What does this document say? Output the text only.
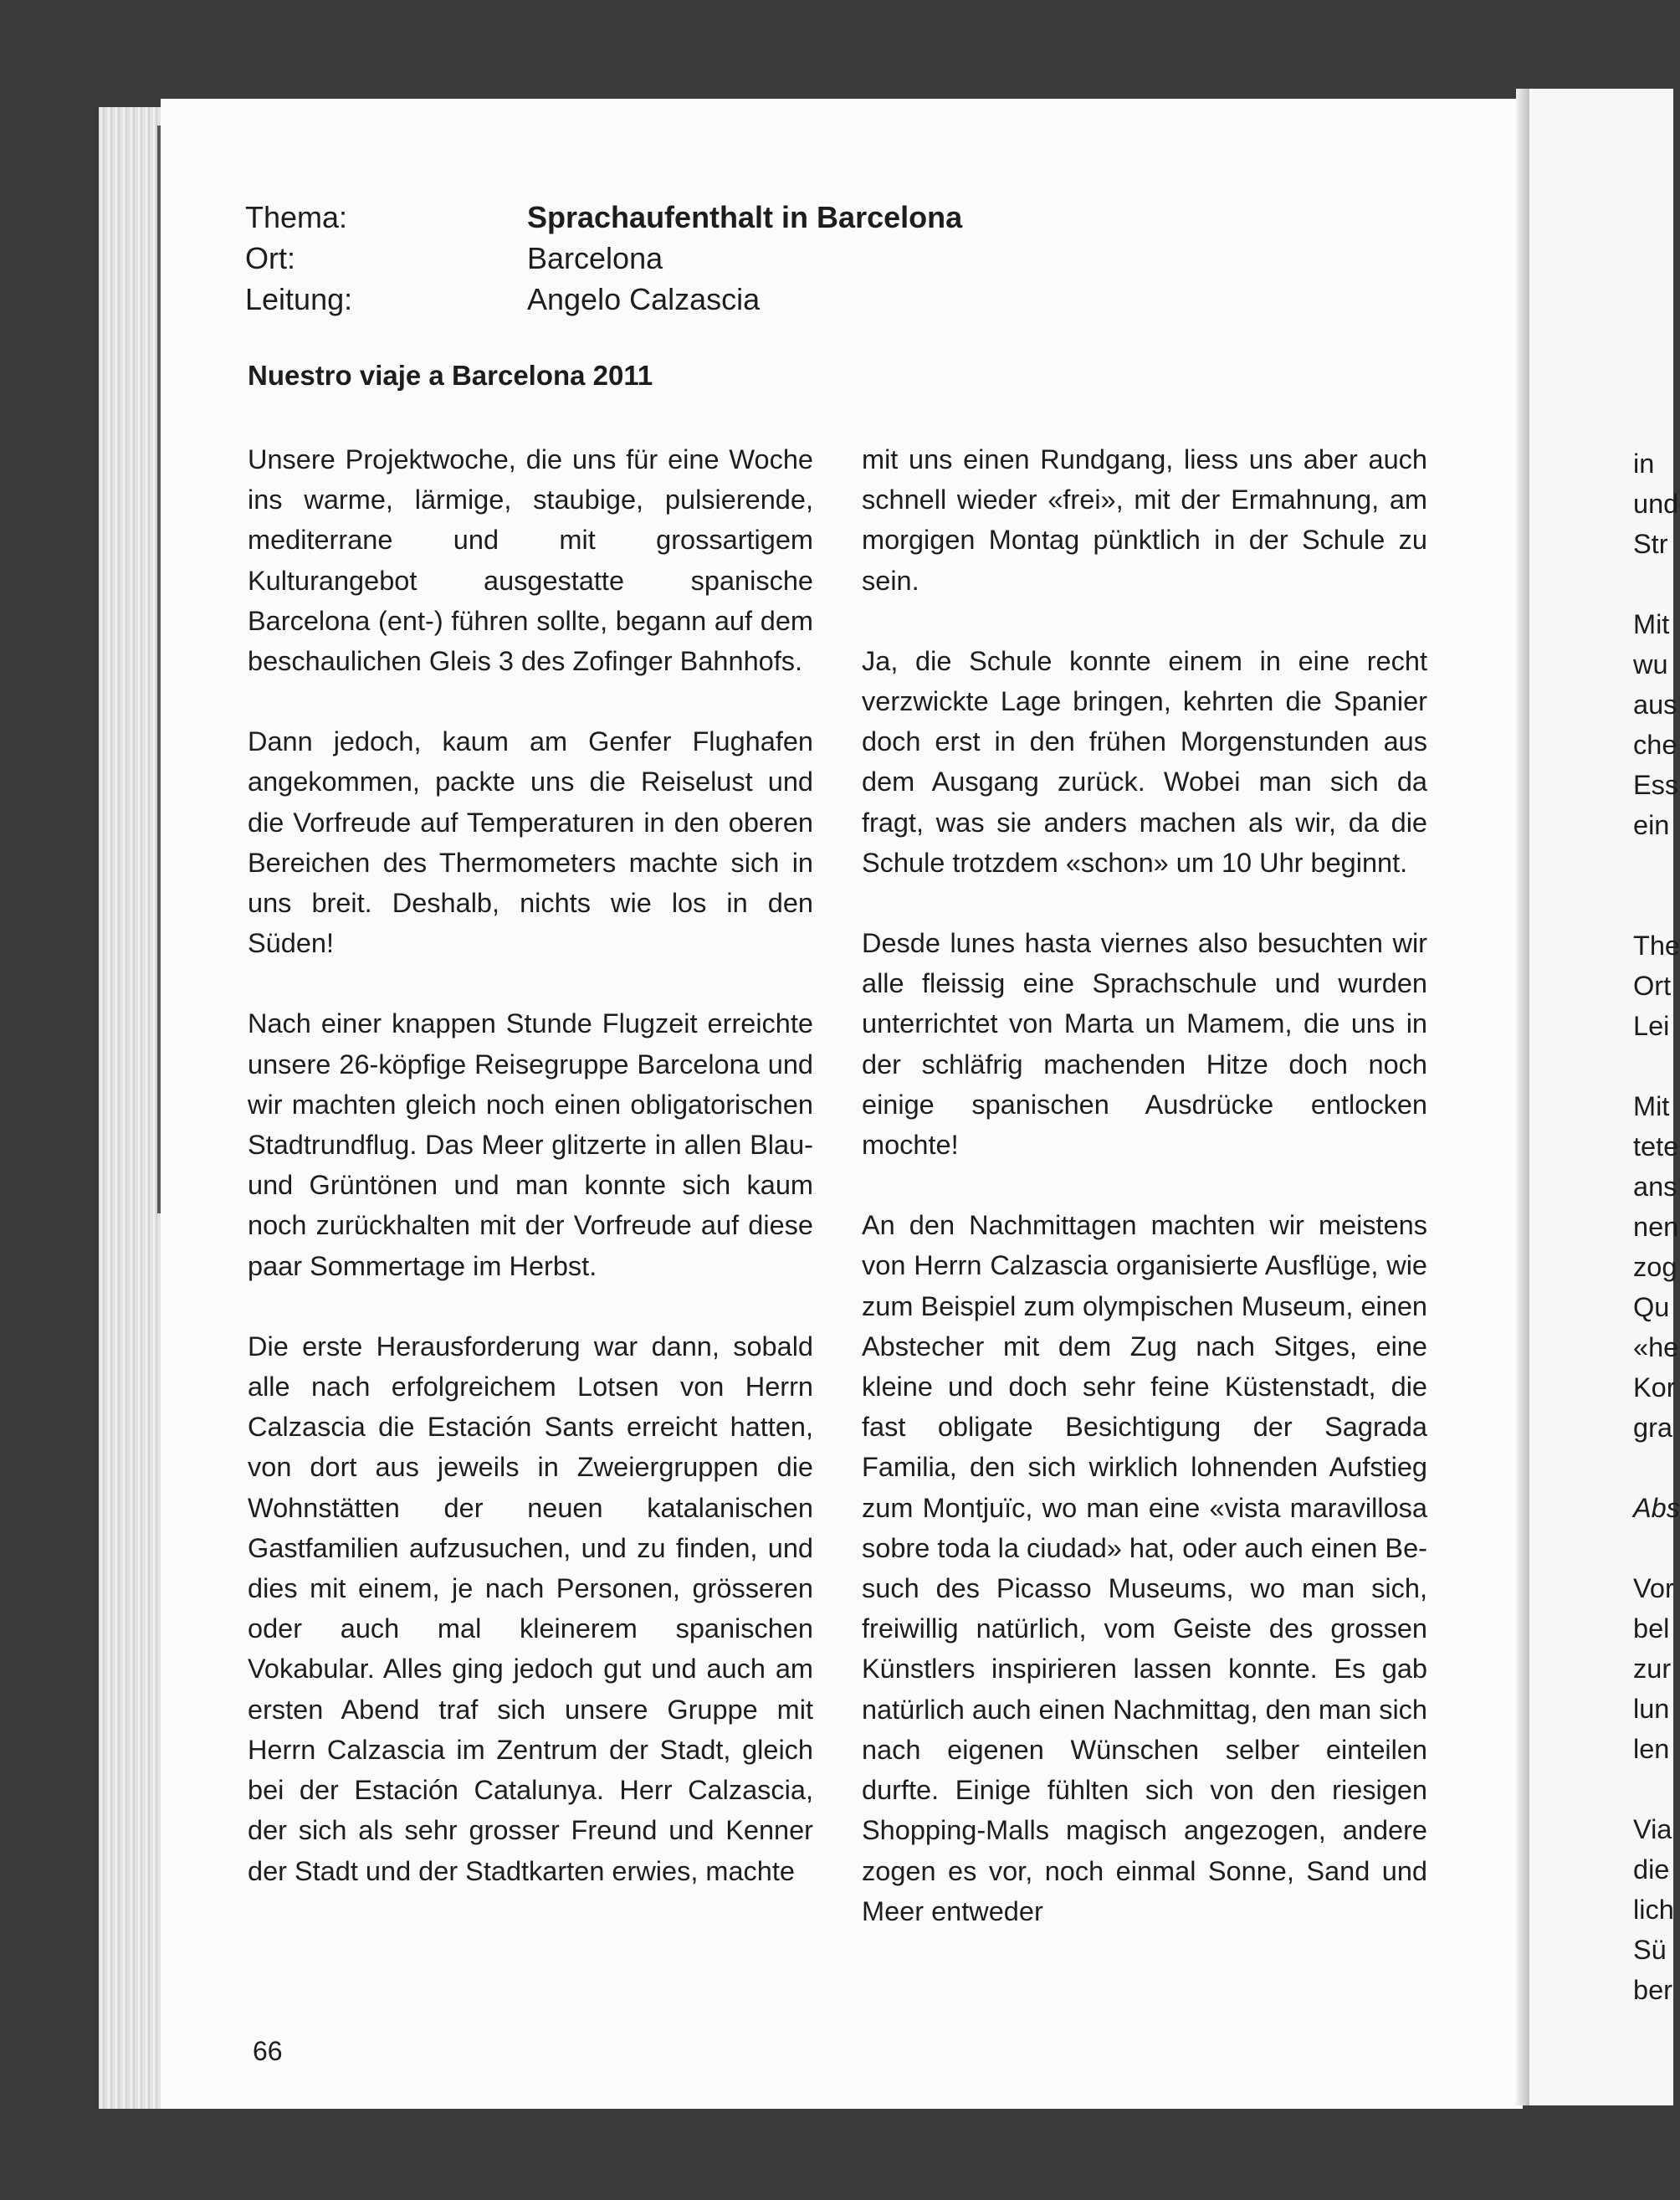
Thema:	Sprachaufenthalt in Barcelona
Ort:	Barcelona
Leitung:	Angelo Calzascia
Nuestro viaje a Barcelona 2011

Unsere Projektwoche, die uns für eine Woche ins warme, lärmige, staubige, pulsierende, mediterrane und mit grossartigem Kulturangebot ausgestatte spanische Barcelona (ent-) führen sollte, begann auf dem beschaulichen Gleis 3 des Zofinger Bahnhofs.

Dann jedoch, kaum am Genfer Flughafen angekommen, packte uns die Reiselust und die Vorfreude auf Temperaturen in den oberen Bereichen des Thermometers machte sich in uns breit. Deshalb, nichts wie los in den Süden!

Nach einer knappen Stunde Flugzeit erreichte unsere 26-köpfige Reisegruppe Barcelona und wir machten gleich noch einen obligatorischen Stadtrundflug. Das Meer glitzerte in allen Blau- und Grüntönen und man konnte sich kaum noch zurückhalten mit der Vorfreude auf diese paar Sommertage im Herbst.

Die erste Herausforderung war dann, sobald alle nach erfolgreichem Lotsen von Herrn Calzascia die Estación Sants erreicht hatten, von dort aus jeweils in Zweiergruppen die Wohnstätten der neuen katalanischen Gastfamilien aufzusuchen, und zu finden, und dies mit einem, je nach Personen, grösseren oder auch mal kleinerem spanischen Vokabular. Alles ging jedoch gut und auch am ersten Abend traf sich unsere Gruppe mit Herrn Calzascia im Zentrum der Stadt, gleich bei der Estación Catalunya. Herr Calzascia, der sich als sehr grosser Freund und Kenner der Stadt und der Stadtkarten erwies, machte

mit uns einen Rundgang, liess uns aber auch schnell wieder «frei», mit der Ermahnung, am morgigen Montag pünktlich in der Schule zu sein.

Ja, die Schule konnte einem in eine recht verzwickte Lage bringen, kehrten die Spanier doch erst in den frühen Morgenstunden aus dem Ausgang zurück. Wobei man sich da fragt, was sie anders machen als wir, da die Schule trotzdem «schon» um 10 Uhr beginnt.

Desde lunes hasta viernes also besuchten wir alle fleissig eine Sprachschule und wurden unterrichtet von Marta un Mamem, die uns in der schläfrig machenden Hitze doch noch einige spanischen Ausdrücke entlocken mochte!

An den Nachmittagen machten wir meistens von Herrn Calzascia organisierte Ausflüge, wie zum Beispiel zum olympischen Museum, einen Abstecher mit dem Zug nach Sitges, eine kleine und doch sehr feine Küstenstadt, die fast obligate Besichtigung der Sagrada Familia, den sich wirklich lohnenden Aufstieg zum Montjuïc, wo man eine «vista maravillosa sobre toda la ciudad» hat, oder auch einen Besuch des Picasso Museums, wo man sich, freiwillig natürlich, vom Geiste des grossen Künstlers inspirieren lassen konnte. Es gab natürlich auch einen Nachmittag, den man sich nach eigenen Wünschen selber einteilen durfte. Einige fühlten sich von den riesigen Shopping-Malls magisch angezogen, andere zogen es vor, noch einmal Sonne, Sand und Meer entweder

66
in
und
Str
Mit
wu
aus
che
Ess
ein
The
Ort
Lei
Mit
tete
ans
nen
zog
Qu
«he
Kor
gra
Abs
Vor
bel
zur
lun
len
Via
die
lich
Sü
ber
